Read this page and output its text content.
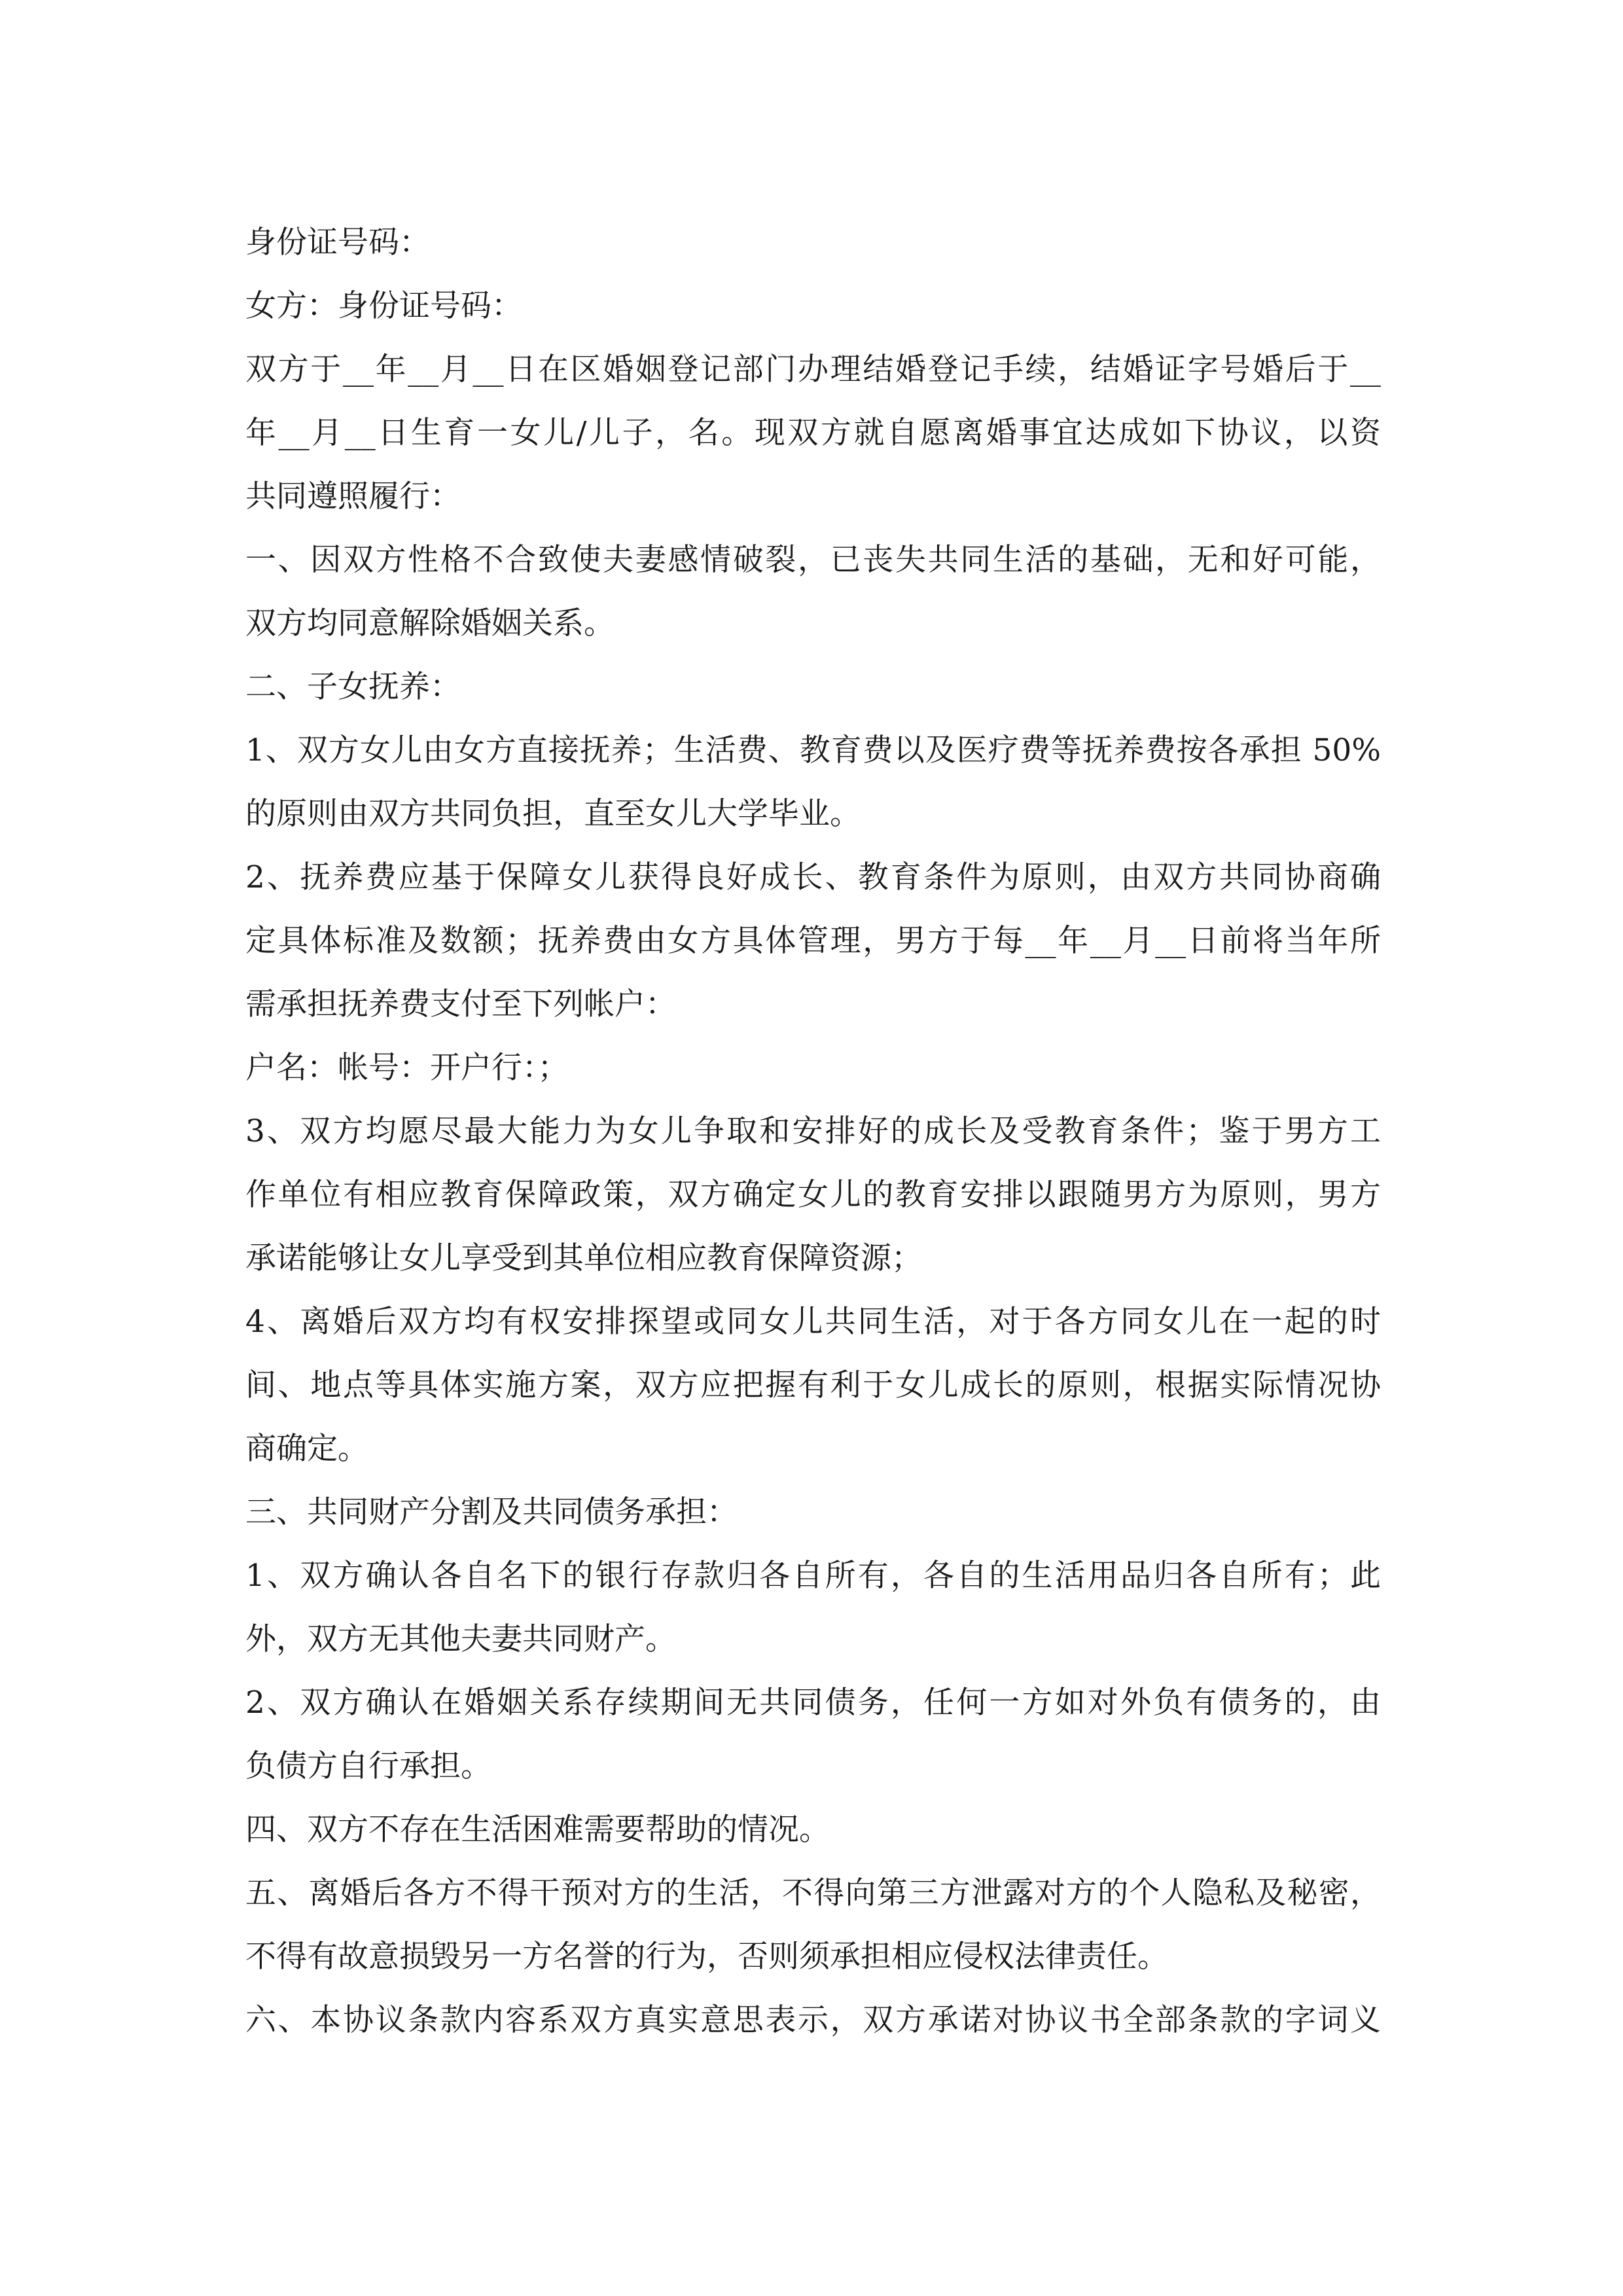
身份证号码：
女方：身份证号码：
双方于__年__月__日在区婚姻登记部门办理结婚登记手续，结婚证字号婚后于__
年__月__日生育一女儿/儿子，名。现双方就自愿离婚事宜达成如下协议，以资
共同遵照履行：
一、因双方性格不合致使夫妻感情破裂，已丧失共同生活的基础，无和好可能，
双方均同意解除婚姻关系。
二、子女抚养：
1、双方女儿由女方直接抚养；生活费、教育费以及医疗费等抚养费按各承担 50%
的原则由双方共同负担，直至女儿大学毕业。
2、抚养费应基于保障女儿获得良好成长、教育条件为原则，由双方共同协商确
定具体标准及数额；抚养费由女方具体管理，男方于每__年__月__日前将当年所
需承担抚养费支付至下列帐户：
户名：帐号：开户行：；
3、双方均愿尽最大能力为女儿争取和安排好的成长及受教育条件；鉴于男方工
作单位有相应教育保障政策，双方确定女儿的教育安排以跟随男方为原则，男方
承诺能够让女儿享受到其单位相应教育保障资源；
4、离婚后双方均有权安排探望或同女儿共同生活，对于各方同女儿在一起的时
间、地点等具体实施方案，双方应把握有利于女儿成长的原则，根据实际情况协
商确定。
三、共同财产分割及共同债务承担：
1、双方确认各自名下的银行存款归各自所有，各自的生活用品归各自所有；此
外，双方无其他夫妻共同财产。
2、双方确认在婚姻关系存续期间无共同债务，任何一方如对外负有债务的，由
负债方自行承担。
四、双方不存在生活困难需要帮助的情况。
五、离婚后各方不得干预对方的生活，不得向第三方泄露对方的个人隐私及秘密，
不得有故意损毁另一方名誉的行为，否则须承担相应侵权法律责任。
六、本协议条款内容系双方真实意思表示，双方承诺对协议书全部条款的字词义
